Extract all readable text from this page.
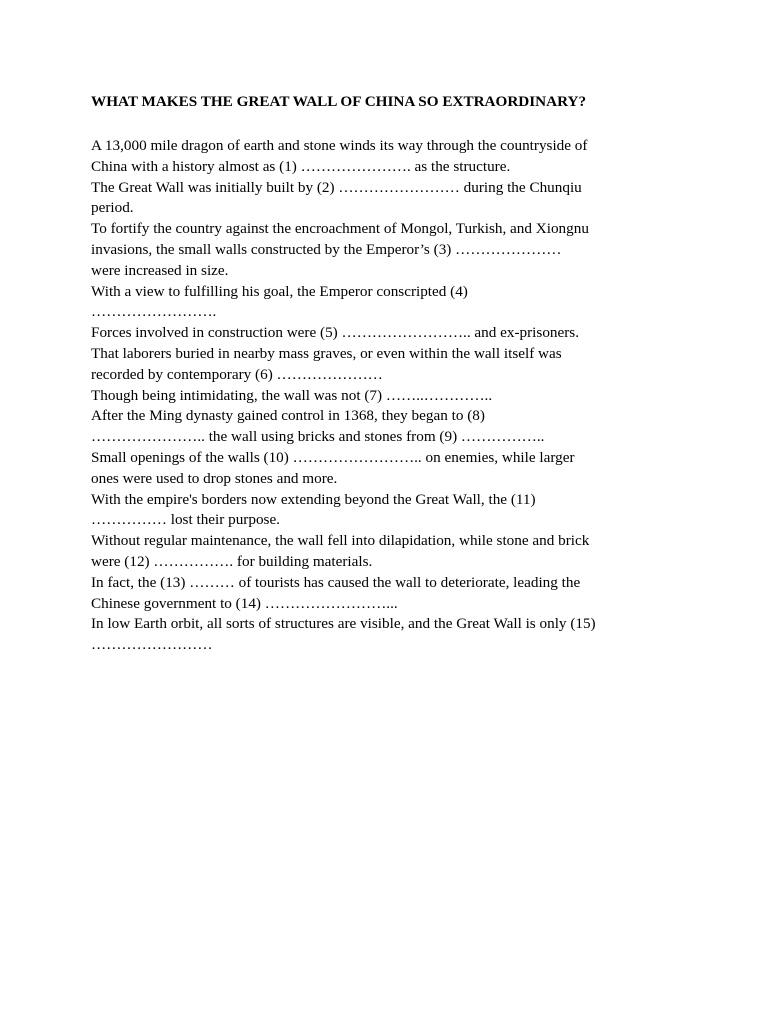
WHAT MAKES THE GREAT WALL OF CHINA SO EXTRAORDINARY?
A 13,000 mile dragon of earth and stone winds its way through the countryside of
China with a history almost as (1) …………………. as the structure.
The Great Wall was initially built by (2) …………………… during the Chunqiu
period.
To fortify the country against the encroachment of Mongol, Turkish, and Xiongnu
invasions, the small walls constructed by the Emperor’s (3) …………………
were increased in size.
With a view to fulfilling his goal, the Emperor conscripted (4)
…………………….
Forces involved in construction were (5) …………………….. and ex-prisoners.
That laborers buried in nearby mass graves, or even within the wall itself was
recorded by contemporary (6) …………………
Though being intimidating, the wall was not (7) ……..…………..
After the Ming dynasty gained control in 1368, they began to (8)
………………….. the wall using bricks and stones from (9) ……………..
Small openings of the walls (10) …………………….. on enemies, while larger
ones were used to drop stones and more.
With the empire's borders now extending beyond the Great Wall, the (11)
…………… lost their purpose.
Without regular maintenance, the wall fell into dilapidation, while stone and brick
were (12) ……………. for building materials.
In fact, the (13) ……… of tourists has caused the wall to deteriorate, leading the
Chinese government to (14) ……………………...
In low Earth orbit, all sorts of structures are visible, and the Great Wall is only (15)
……………………
